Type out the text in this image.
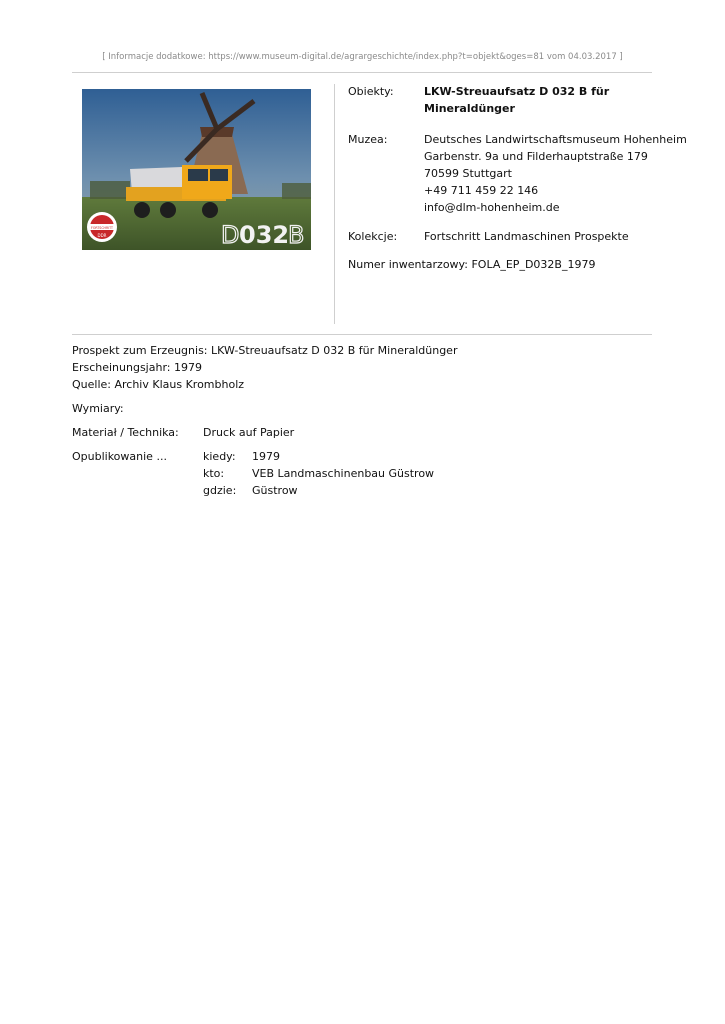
[ Informacje dodatkowe: https://www.museum-digital.de/agrargeschichte/index.php?t=objekt&oges=81 vom 04.03.2017 ]
FORTSCHRITT
DDR	D 032
B
Obiekty:	LKW-Streuaufsatz D 032 B für
Mineraldünger
Muzea:	Deutsches Landwirtschaftsmuseum Hohenheim
Garbenstr. 9a und Filderhauptstraße 179
70599 Stuttgart
+49 711 459 22 146
info@dlm-hohenheim.de
Kolekcje:	Fortschritt Landmaschinen Prospekte
Numer inwentarzowy: FOLA_EP_D032B_1979
Prospekt zum Erzeugnis: LKW-Streuaufsatz D 032 B für Mineraldünger
Erscheinungsjahr: 1979
Quelle: Archiv Klaus Krombholz
Wymiary:
Materiał / Technika: Druck auf Papier
Opublikowanie ...	kiedy: 1979
kto:	VEB Landmaschinenbau Güstrow
gdzie: Güstrow
